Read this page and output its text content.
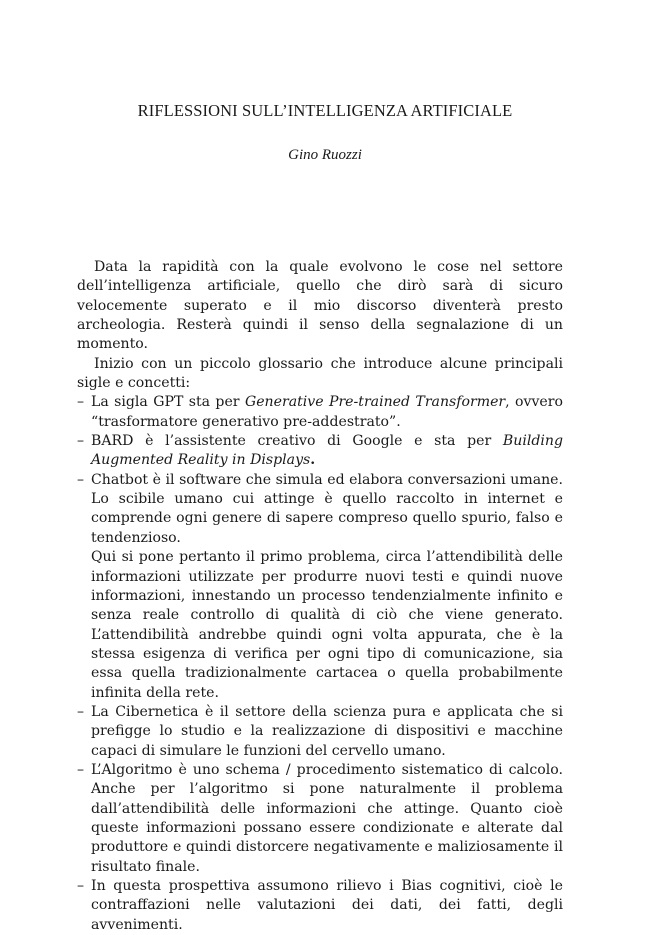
RIFLESSIONI SULL’INTELLIGENZA ARTIFICIALE
Gino Ruozzi

Data la rapidità con la quale evolvono le cose nel settore dell’intelligenza artificiale, quello che dirò sarà di sicuro velocemente superato e il mio discorso diventerà presto archeologia. Resterà quindi il senso della segnalazione di un momento.

Inizio con un piccolo glossario che introduce alcune principali sigle e concetti:

– La sigla GPT sta per Generative Pre-trained Transformer, ovvero “trasformatore generativo pre-addestrato”.
– BARD è l’assistente creativo di Google e sta per Building Augmented Reality in Displays.
– Chatbot è il software che simula ed elabora conversazioni umane. Lo scibile umano cui attinge è quello raccolto in internet e comprende ogni genere di sapere compreso quello spurio, falso e tendenzioso.

Qui si pone pertanto il primo problema, circa l’attendibilità delle informazioni utilizzate per produrre nuovi testi e quindi nuove informazioni, innestando un processo tendenzialmente infinito e senza reale controllo di qualità di ciò che viene generato. L’attendibilità andrebbe quindi ogni volta appurata, che è la stessa esigenza di verifica per ogni tipo di comunicazione, sia essa quella tradizionalmente cartacea o quella probabilmente infinita della rete.

– La Cibernetica è il settore della scienza pura e applicata che si prefigge lo studio e la realizzazione di dispositivi e macchine capaci di simulare le funzioni del cervello umano.
– L’Algoritmo è uno schema / procedimento sistematico di calcolo. Anche per l’algoritmo si pone naturalmente il problema dall’attendibilità delle informazioni che attinge. Quanto cioè queste informazioni possano essere condizionate e alterate dal produttore e quindi distorcere negativamente e maliziosamente il risultato finale.
– In questa prospettiva assumono rilievo i Bias cognitivi, cioè le contraffazioni nelle valutazioni dei dati, dei fatti, degli avvenimenti.
